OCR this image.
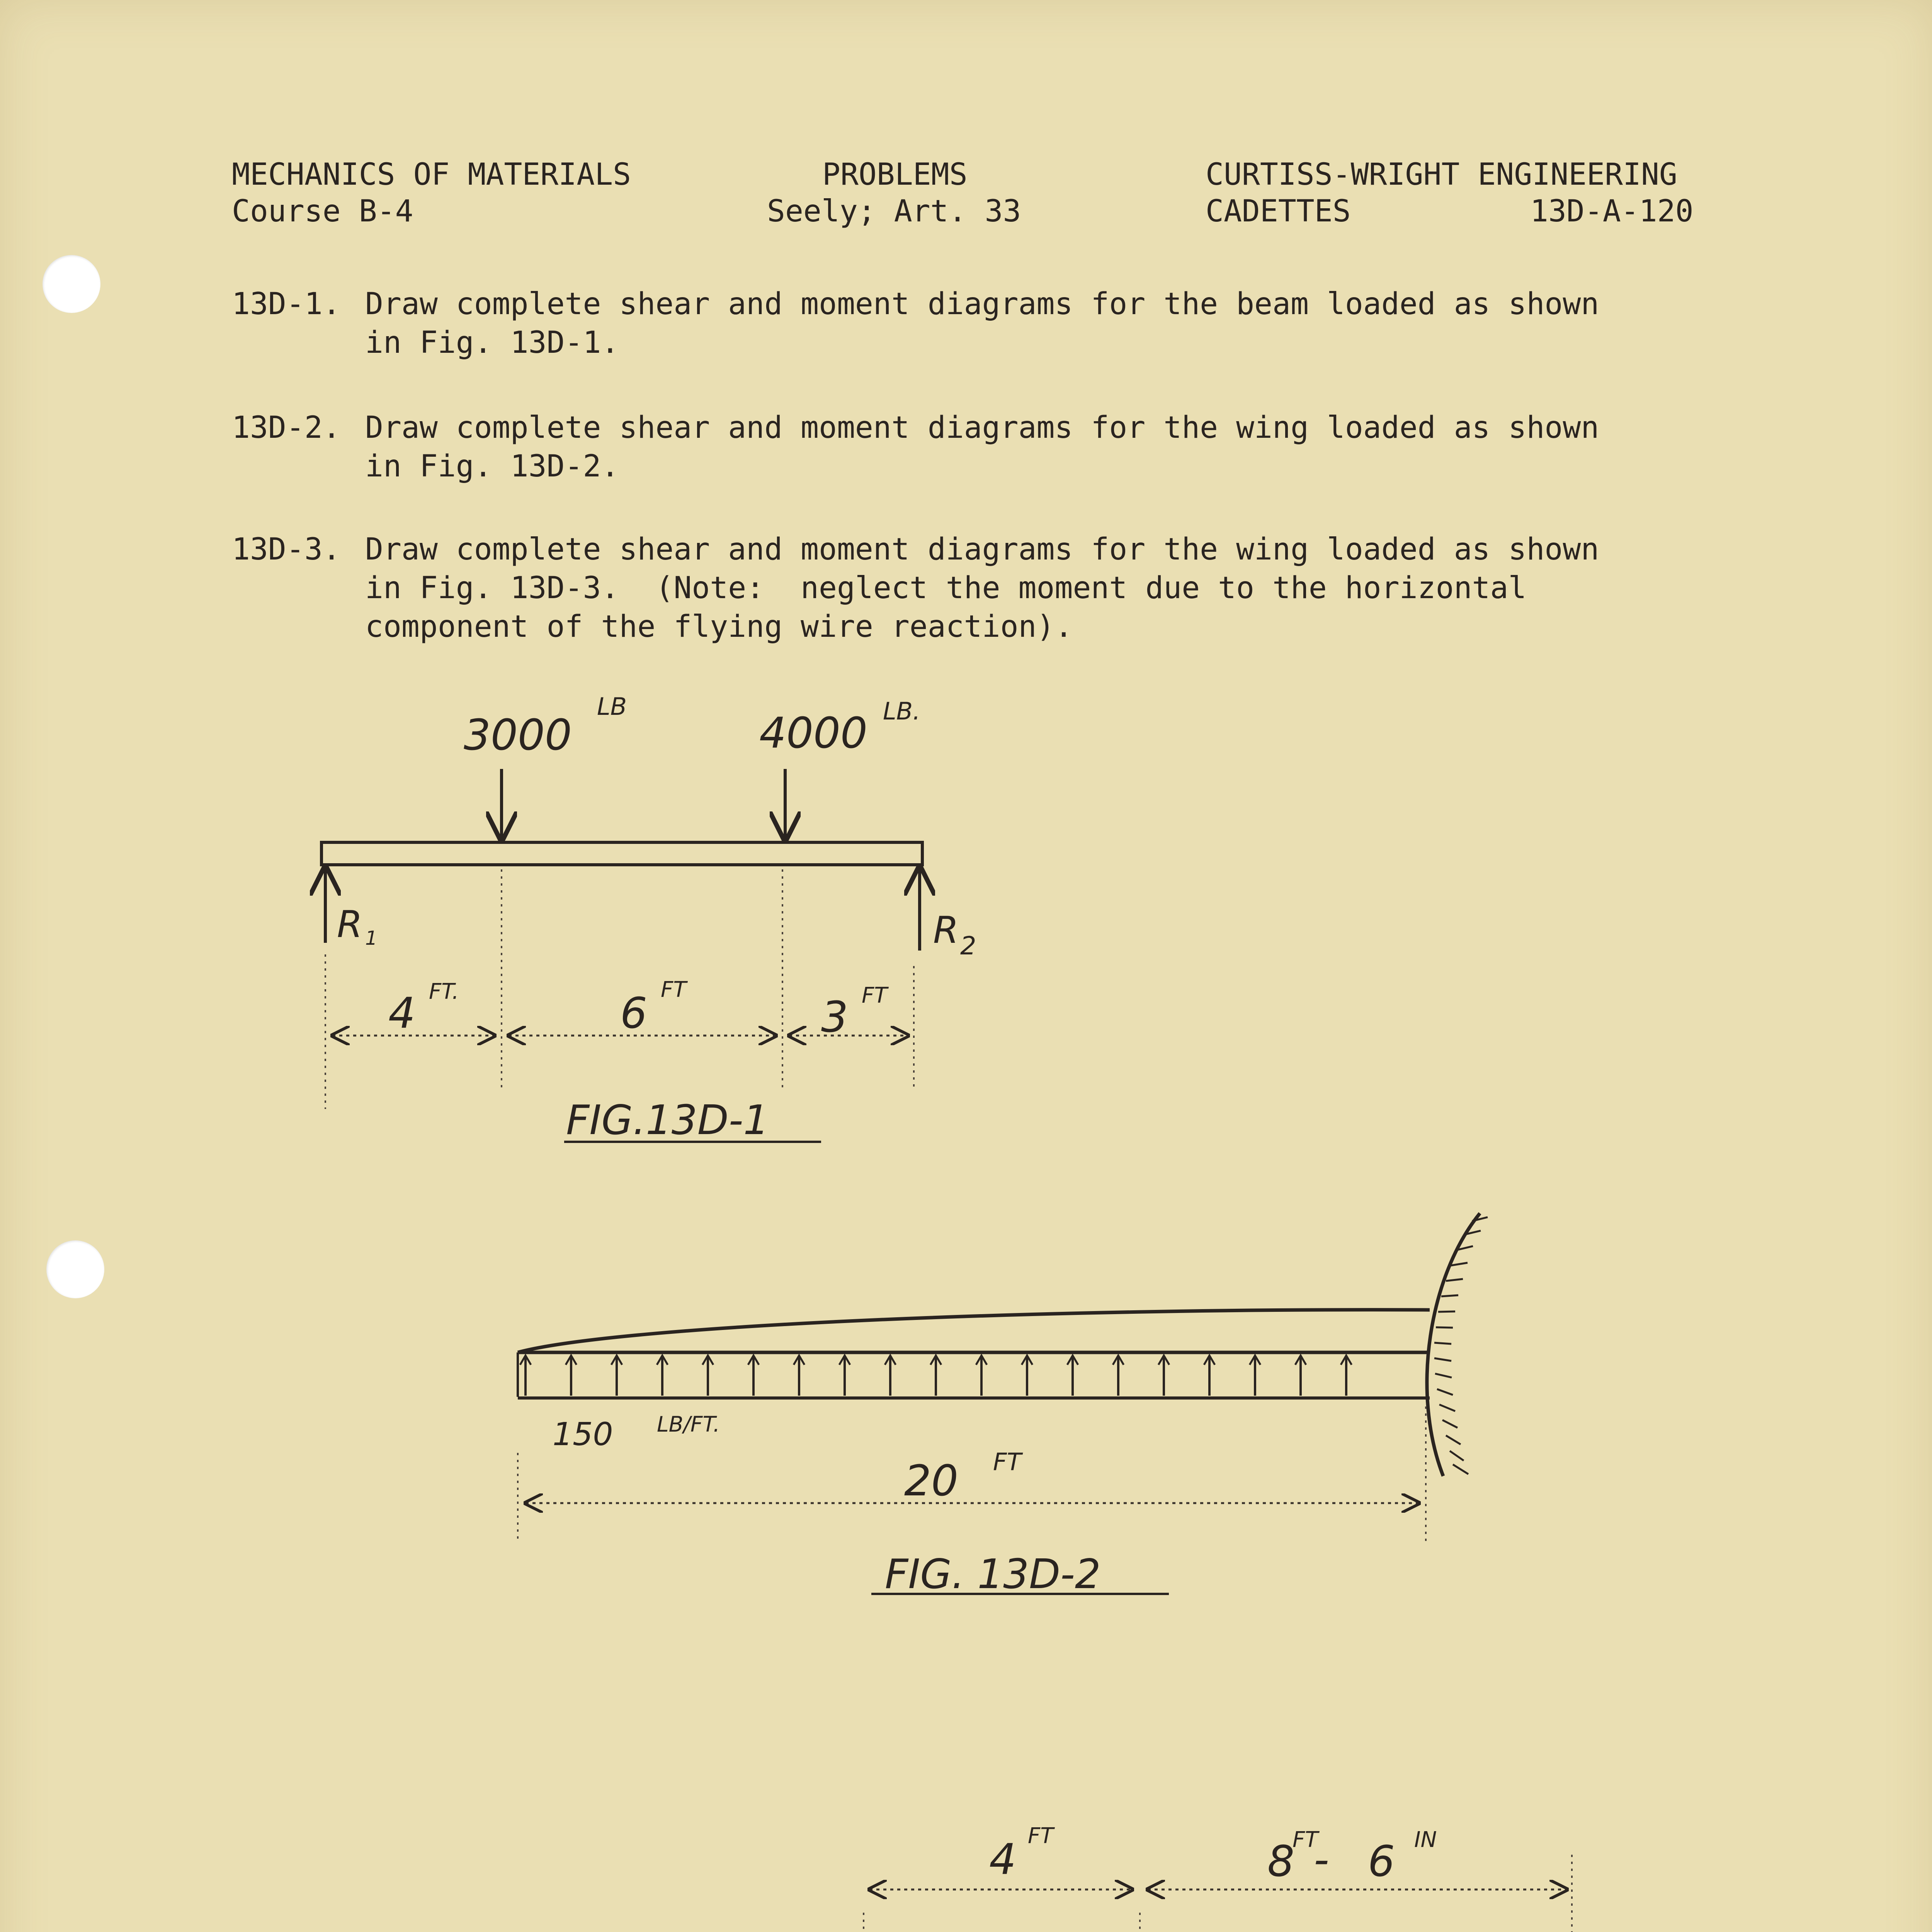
MECHANICS OF MATERIALS
Course B-4
PROBLEMS
Seely; Art. 33
CURTISS-WRIGHT ENGINEERING
CADETTES	13D-A-120
13D-1. Draw complete shear and moment diagrams for the beam loaded as shown
in Fig. 13D-1.
13D-2. Draw complete shear and moment diagrams for the wing loaded as shown
in Fig. 13D-2.
13D-3. Draw complete shear and moment diagrams for the wing loaded as shown
in Fig. 13D-3.  (Note:  neglect the moment due to the horizontal
component of the flying wire reaction).
3000
LB
4000 LB.
R 1	R 2
4 FT.	6 FT
3 FT
FIG.13D-1
150 LB/FT.
20 FT
FIG. 13D-2
4 FT
8
FT
- 6 IN
